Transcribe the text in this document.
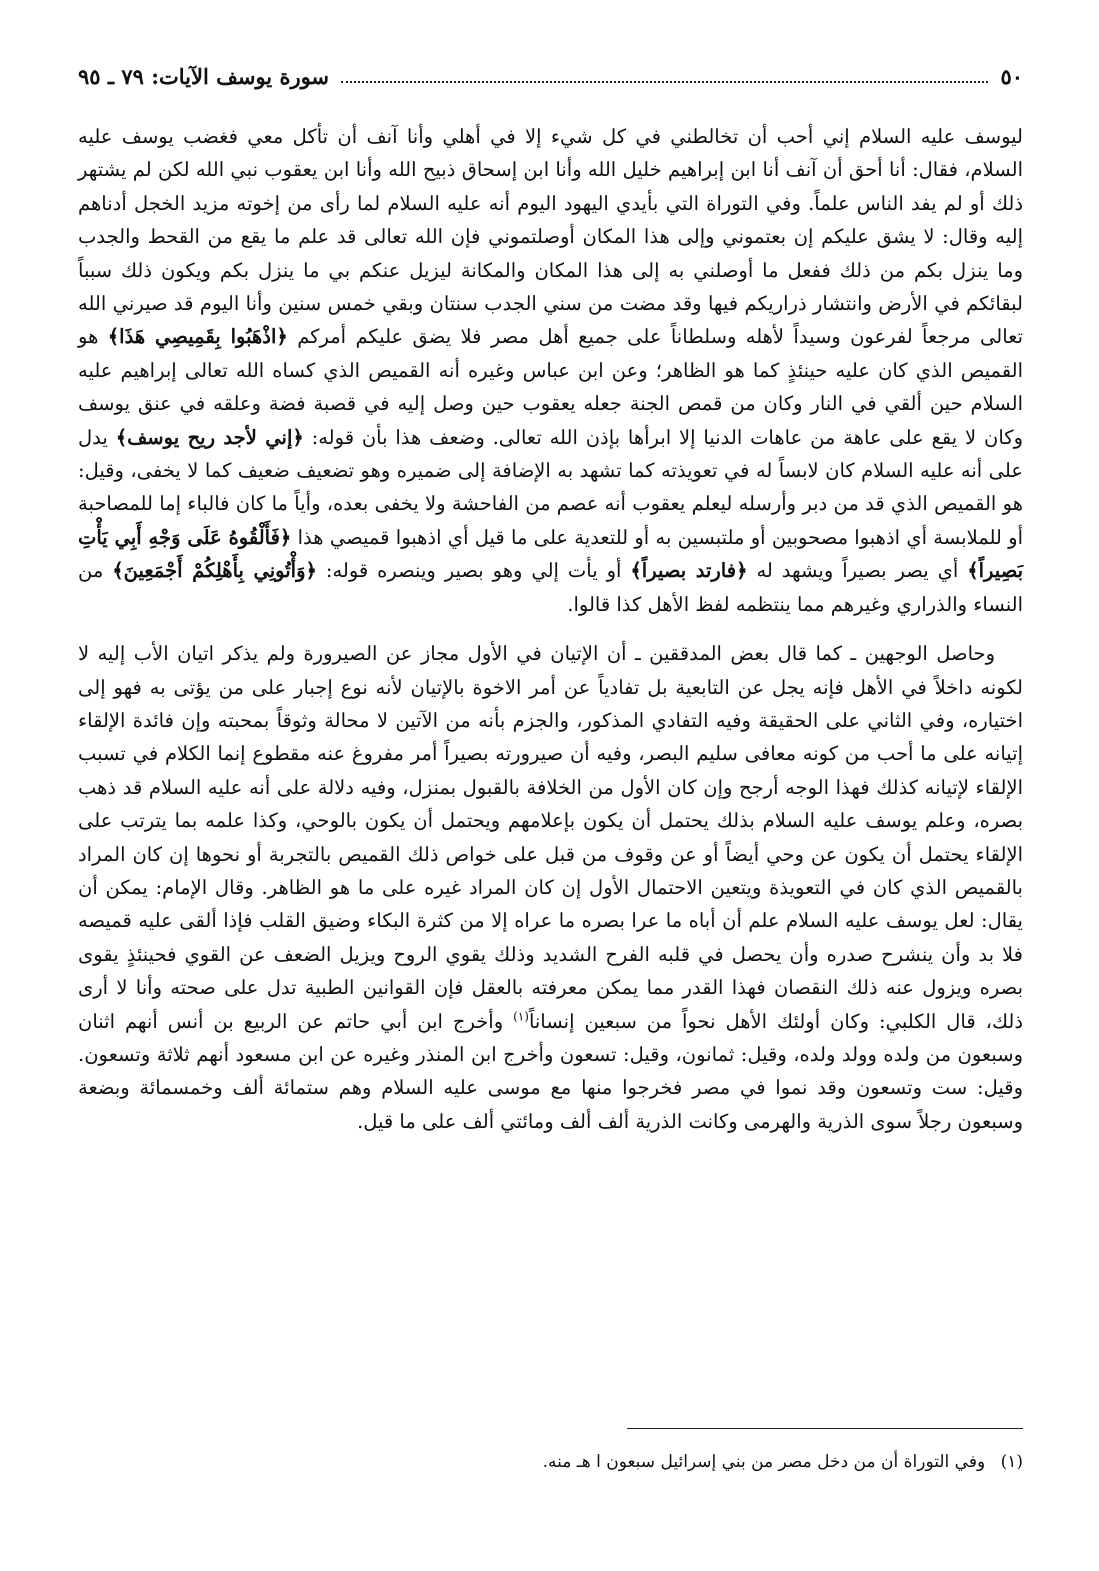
٥٠
سورة يوسف الآيات: ٧٩ ـ ٩٥

ليوسف عليه السلام إني أحب أن تخالطني في كل شيء إلا في أهلي وأنا آنف أن تأكل معي فغضب يوسف عليه السلام، فقال: أنا أحق أن آنف أنا ابن إبراهيم خليل الله وأنا ابن إسحاق ذبيح الله وأنا ابن يعقوب نبي الله لكن لم يشتهر ذلك أو لم يفد الناس علماً. وفي التوراة التي بأيدي اليهود اليوم أنه عليه السلام لما رأى من إخوته مزيد الخجل أدناهم إليه وقال: لا يشق عليكم إن بعتموني وإلى هذا المكان أوصلتموني فإن الله تعالى قد علم ما يقع من القحط والجدب وما ينزل بكم من ذلك ففعل ما أوصلني به إلى هذا المكان والمكانة ليزيل عنكم بي ما ينزل بكم ويكون ذلك سبباً لبقائكم في الأرض وانتشار ذراريكم فيها وقد مضت من سني الجدب سنتان وبقي خمس سنين وأنا اليوم قد صيرني الله تعالى مرجعاً لفرعون وسيداً لأهله وسلطاناً على جميع أهل مصر فلا يضق عليكم أمركم ﴿اذْهَبُوا بِقَمِيصِي هَذَا﴾ هو القميص الذي كان عليه حينئذٍ كما هو الظاهر؛ وعن ابن عباس وغيره أنه القميص الذي كساه الله تعالى إبراهيم عليه السلام حين ألقي في النار وكان من قمص الجنة جعله يعقوب حين وصل إليه في قصبة فضة وعلقه في عنق يوسف وكان لا يقع على عاهة من عاهات الدنيا إلا ابرأها بإذن الله تعالى. وضعف هذا بأن قوله: ﴿إني لأجد ريح يوسف﴾ يدل على أنه عليه السلام كان لابساً له في تعويذته كما تشهد به الإضافة إلى ضميره وهو تضعيف ضعيف كما لا يخفى، وقيل: هو القميص الذي قد من دبر وأرسله ليعلم يعقوب أنه عصم من الفاحشة ولا يخفى بعده، وأياً ما كان فالباء إما للمصاحبة أو للملابسة أي اذهبوا مصحوبين أو ملتبسين به أو للتعدية على ما قيل أي اذهبوا قميصي هذا ﴿فَأَلْقُوهُ عَلَى وَجْهِ أَبِي يَأْتِ بَصِيراً﴾ أي يصر بصيراً ويشهد له ﴿فارتد بصيراً﴾ أو يأت إلي وهو بصير وينصره قوله: ﴿وَأْتُونِي بِأَهْلِكُمْ أَجْمَعِينَ﴾ من النساء والذراري وغيرهم مما ينتظمه لفظ الأهل كذا قالوا.

وحاصل الوجهين ـ كما قال بعض المدققين ـ أن الإتيان في الأول مجاز عن الصيرورة ولم يذكر اتيان الأب إليه لا لكونه داخلاً في الأهل فإنه يجل عن التابعية بل تفادياً عن أمر الاخوة بالإتيان لأنه نوع إجبار على من يؤتى به فهو إلى اختياره، وفي الثاني على الحقيقة وفيه التفادي المذكور، والجزم بأنه من الآتين لا محالة وثوقاً بمحبته وإن فائدة الإلقاء إتيانه على ما أحب من كونه معافى سليم البصر، وفيه أن صيرورته بصيراً أمر مفروغ عنه مقطوع إنما الكلام في تسبب الإلقاء لإتيانه كذلك فهذا الوجه أرجح وإن كان الأول من الخلافة بالقبول بمنزل، وفيه دلالة على أنه عليه السلام قد ذهب بصره، وعلم يوسف عليه السلام بذلك يحتمل أن يكون بإعلامهم ويحتمل أن يكون بالوحي، وكذا علمه بما يترتب على الإلقاء يحتمل أن يكون عن وحي أيضاً أو عن وقوف من قبل على خواص ذلك القميص بالتجربة أو نحوها إن كان المراد بالقميص الذي كان في التعويذة ويتعين الاحتمال الأول إن كان المراد غيره على ما هو الظاهر. وقال الإمام: يمكن أن يقال: لعل يوسف عليه السلام علم أن أباه ما عرا بصره ما عراه إلا من كثرة البكاء وضيق القلب فإذا ألقى عليه قميصه فلا بد وأن ينشرح صدره وأن يحصل في قلبه الفرح الشديد وذلك يقوي الروح ويزيل الضعف عن القوي فحينئذٍ يقوى بصره ويزول عنه ذلك النقصان فهذا القدر مما يمكن معرفته بالعقل فإن القوانين الطبية تدل على صحته وأنا لا أرى ذلك، قال الكلبي: وكان أولئك الأهل نحواً من سبعين إنساناً$^{(١)}$ وأخرج ابن أبي حاتم عن الربيع بن أنس أنهم اثنان وسبعون من ولده وولد ولده، وقيل: ثمانون، وقيل: تسعون وأخرج ابن المنذر وغيره عن ابن مسعود أنهم ثلاثة وتسعون. وقيل: ست وتسعون وقد نموا في مصر فخرجوا منها مع موسى عليه السلام وهم ستمائة ألف وخمسمائة وبضعة وسبعون رجلاً سوى الذرية والهرمى وكانت الذرية ألف ألف ومائتي ألف على ما قيل.

(١) وفي التوراة أن من دخل مصر من بني إسرائيل سبعون ا هـ منه.
